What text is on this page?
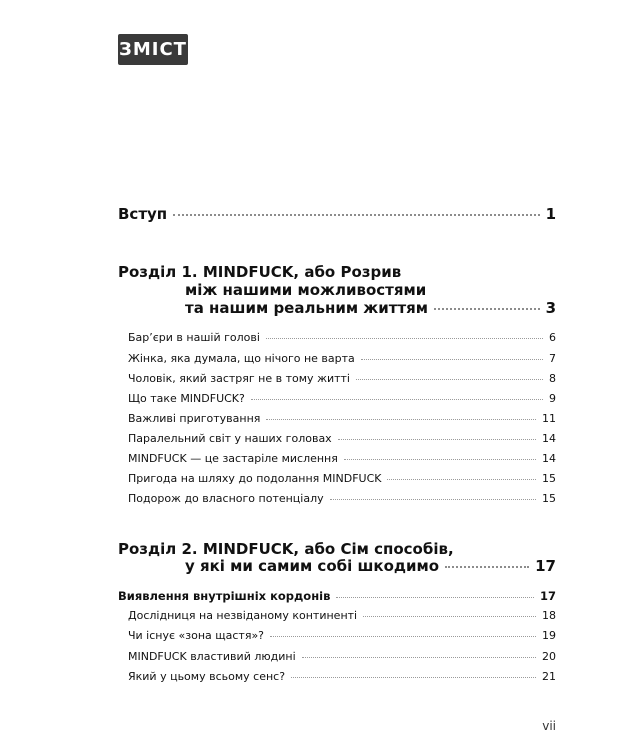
ЗМІСТ
Вступ	1
Розділ 1. MINDFUCK, або Розрив
між нашими можливостями
та нашим реальним життям	3
Бар’єри в нашій голові	6
Жінка, яка думала, що нічого не варта	7
Чоловік, який застряг не в тому житті	8
Що таке MINDFUCK?	9
Важливі приготування	11
Паралельний світ у наших головах	14
MINDFUCK — це застаріле мислення	14
Пригода на шляху до подолання MINDFUCK	15
Подорож до власного потенціалу	15
Розділ 2. MINDFUCK, або Сім способів,
у які ми самим собі шкодимо	17
Виявлення внутрішніх кордонів	17
Дослідниця на незвіданому континенті	18
Чи існує «зона щастя»?	19
MINDFUCK властивий людині	20
Який у цьому всьому сенс?	21
vii
